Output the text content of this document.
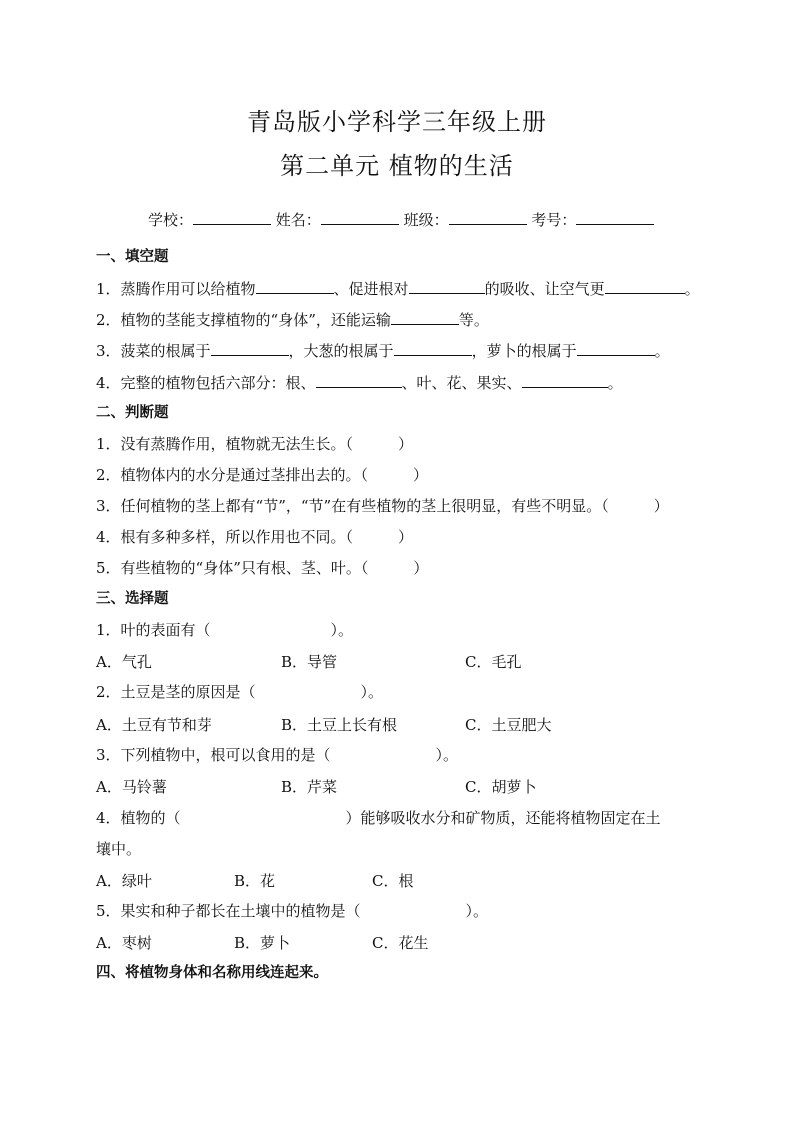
青岛版小学科学三年级上册
第二单元 植物的生活
学校：	姓名：	班级：	考号：
一、填空题
1．蒸腾作用可以给植物	、促进根对	的吸收、让空气更	。
2．植物的茎能支撑植物的“身体”，还能运输	等。
3．菠菜的根属于	，大葱的根属于	，萝卜的根属于	。
4．完整的植物包括六部分：根、	、叶、花、果实、	。
二、判断题
1．没有蒸腾作用，植物就无法生长。（　　　）
2．植物体内的水分是通过茎排出去的。（　　　）
3．任何植物的茎上都有“节”，“节”在有些植物的茎上很明显，有些不明显。（　　　）
4．根有多种多样，所以作用也不同。（　　　）
5．有些植物的“身体”只有根、茎、叶。（　　　）
三、选择题
1．叶的表面有（　　　　　　　　）。
A．气孔	B．导管	C．毛孔
2．土豆是茎的原因是（　　　　　　　）。
A．土豆有节和芽	B．土豆上长有根	C．土豆肥大
3．下列植物中，根可以食用的是（　　　　　　　）。
A．马铃薯	B．芹菜	C．胡萝卜
4．植物的（　　　　　　　　　　　）能够吸收水分和矿物质，还能将植物固定在土
壤中。
A．绿叶	B．花	C．根
5．果实和种子都长在土壤中的植物是（　　　　　　　）。
A．枣树	B．萝卜	C．花生
四、将植物身体和名称用线连起来。
